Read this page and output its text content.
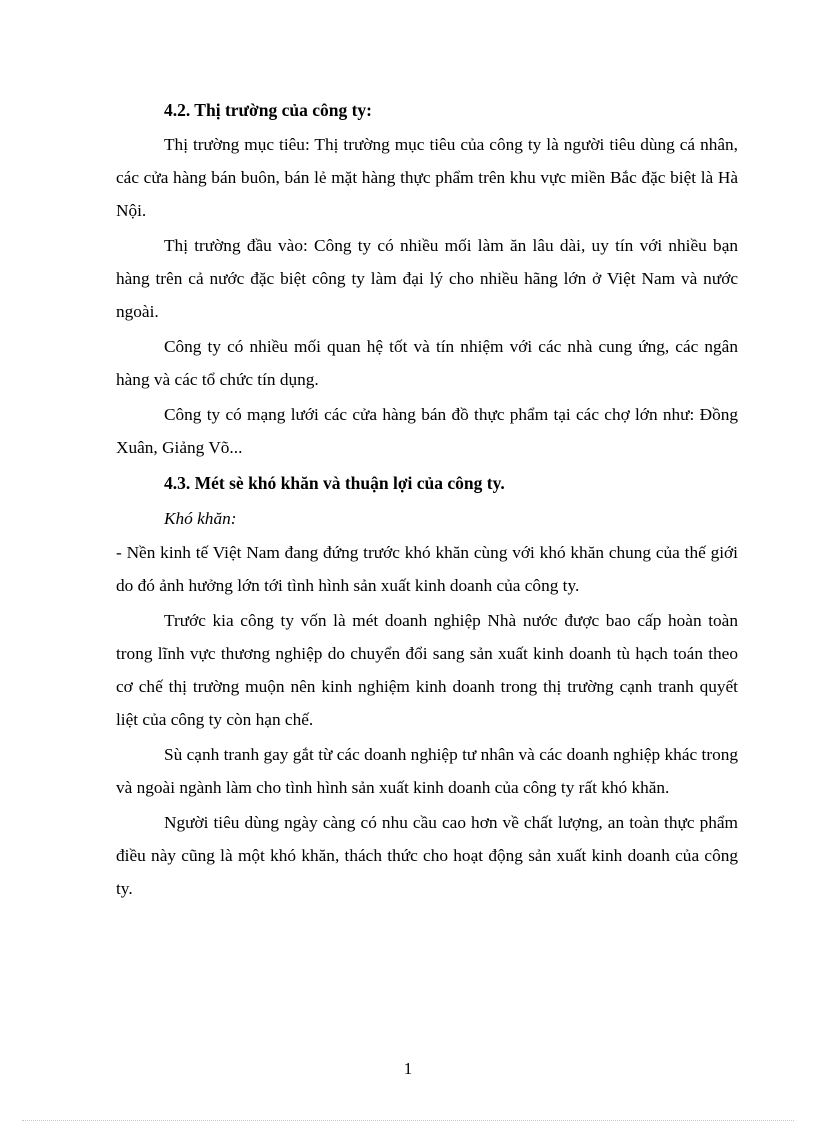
4.2. Thị trường của công ty:

Thị trường mục tiêu: Thị trường mục tiêu của công ty là người tiêu dùng cá nhân, các cửa hàng bán buôn, bán lẻ mặt hàng thực phẩm trên khu vực miền Bắc đặc biệt là Hà Nội.

Thị trường đầu vào: Công ty có nhiều mối làm ăn lâu dài, uy tín với nhiều bạn hàng trên cả nước đặc biệt công ty làm đại lý cho nhiều hãng lớn ở Việt Nam và nước ngoài.

Công ty có nhiều mối quan hệ tốt và tín nhiệm với các nhà cung ứng, các ngân hàng và các tổ chức tín dụng.

Công ty có mạng lưới các cửa hàng bán đồ thực phẩm tại các chợ lớn như: Đồng Xuân, Giảng Võ...

4.3. Mét sè khó khăn và thuận lợi của công ty.

Khó khăn:

- Nền kinh tế Việt Nam đang đứng trước khó khăn cùng với khó khăn chung của thế giới do đó ảnh hưởng lớn tới tình hình sản xuất kinh doanh của công ty.

Trước kia công ty vốn là mét doanh nghiệp Nhà nước được bao cấp hoàn toàn trong lĩnh vực thương nghiệp do chuyển đổi sang sản xuất kinh doanh tù hạch toán theo cơ chế thị trường muộn nên kinh nghiệm kinh doanh trong thị trường cạnh tranh quyết liệt của công ty còn hạn chế.

Sù cạnh tranh gay gắt từ các doanh nghiệp tư nhân và các doanh nghiệp khác trong và ngoài ngành làm cho tình hình sản xuất kinh doanh của công ty rất khó khăn.

Người tiêu dùng ngày càng có nhu cầu cao hơn về chất lượng, an toàn thực phẩm điều này cũng là một khó khăn, thách thức cho hoạt động sản xuất kinh doanh của công ty.

1
